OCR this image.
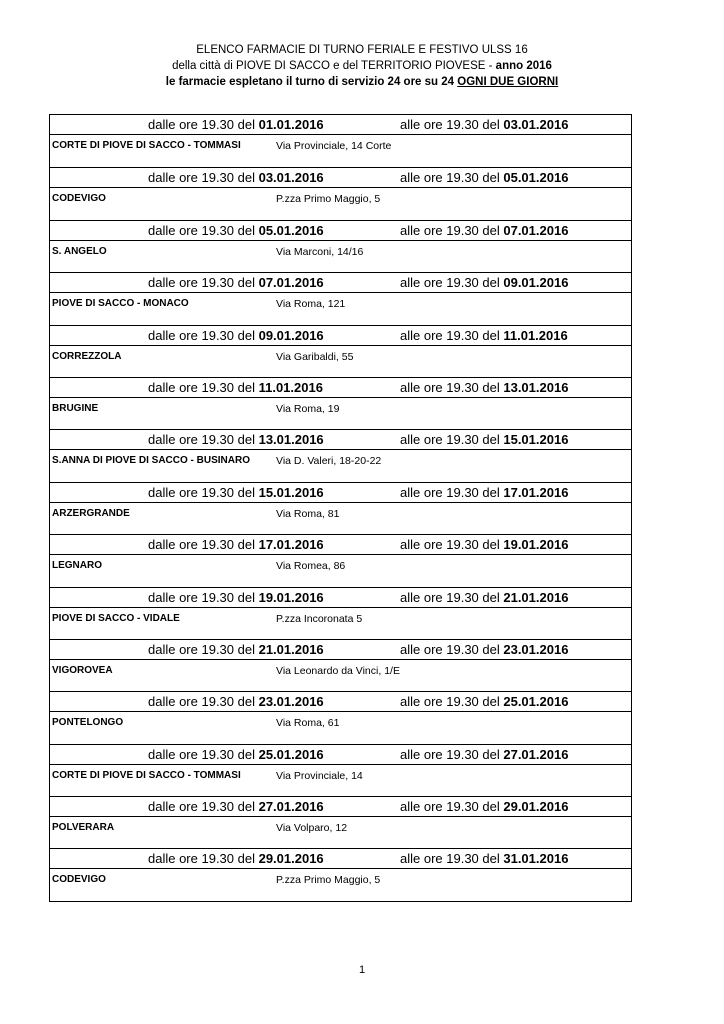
ELENCO FARMACIE DI TURNO FERIALE E FESTIVO ULSS 16
della città di PIOVE DI SACCO e del TERRITORIO PIOVESE - anno 2016
le farmacie espletano il turno di servizio 24 ore su 24 OGNI DUE GIORNI
dalle ore 19.30 del 01.01.2016	alle ore 19.30 del 03.01.2016
CORTE DI PIOVE DI SACCO - TOMMASI	Via Provinciale, 14 Corte
dalle ore 19.30 del 03.01.2016	alle ore 19.30 del 05.01.2016
CODEVIGO	P.zza Primo Maggio, 5
dalle ore 19.30 del 05.01.2016	alle ore 19.30 del 07.01.2016
S. ANGELO	Via Marconi, 14/16
dalle ore 19.30 del 07.01.2016	alle ore 19.30 del 09.01.2016
PIOVE DI SACCO - MONACO	Via Roma, 121
dalle ore 19.30 del 09.01.2016	alle ore 19.30 del 11.01.2016
CORREZZOLA	Via Garibaldi, 55
dalle ore 19.30 del 11.01.2016	alle ore 19.30 del 13.01.2016
BRUGINE	Via Roma, 19
dalle ore 19.30 del 13.01.2016	alle ore 19.30 del 15.01.2016
S.ANNA DI PIOVE DI SACCO - BUSINARO Via D. Valeri, 18-20-22
dalle ore 19.30 del 15.01.2016	alle ore 19.30 del 17.01.2016
ARZERGRANDE	Via Roma, 81
dalle ore 19.30 del 17.01.2016	alle ore 19.30 del 19.01.2016
LEGNARO	Via Romea, 86
dalle ore 19.30 del 19.01.2016	alle ore 19.30 del 21.01.2016
PIOVE DI SACCO - VIDALE	P.zza Incoronata 5
dalle ore 19.30 del 21.01.2016	alle ore 19.30 del 23.01.2016
VIGOROVEA	Via Leonardo da Vinci, 1/E
dalle ore 19.30 del 23.01.2016	alle ore 19.30 del 25.01.2016
PONTELONGO	Via Roma, 61
dalle ore 19.30 del 25.01.2016	alle ore 19.30 del 27.01.2016
CORTE DI PIOVE DI SACCO - TOMMASI	Via Provinciale, 14
dalle ore 19.30 del 27.01.2016	alle ore 19.30 del 29.01.2016
POLVERARA	Via Volparo, 12
dalle ore 19.30 del 29.01.2016	alle ore 19.30 del 31.01.2016
CODEVIGO	P.zza Primo Maggio, 5
1
